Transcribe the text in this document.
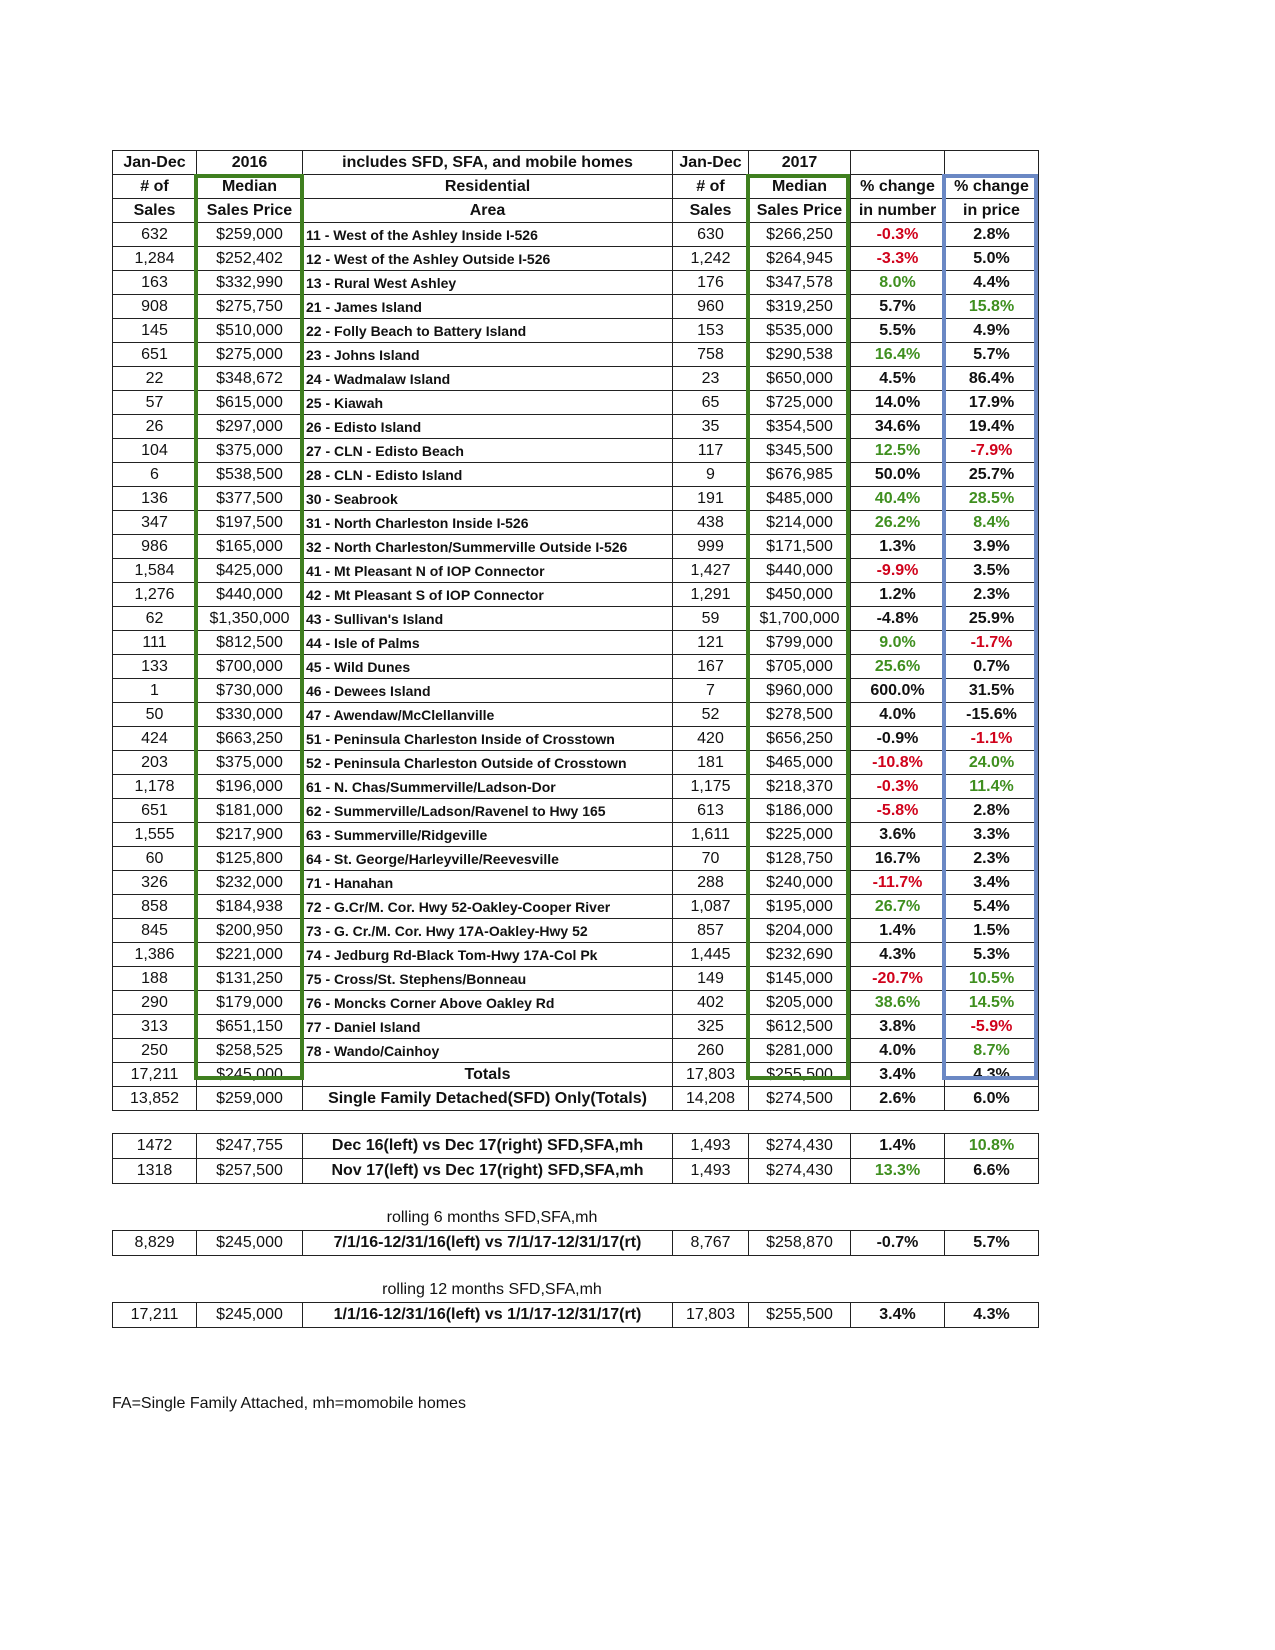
Jan-Dec	2016	includes SFD, SFA, and mobile homes	Jan-Dec	2017			
# of	Median	Residential	# of	Median	% change	% change	
Sales	Sales Price	Area	Sales	Sales Price	in number	in price	
632	$259,000	11 - West of the Ashley Inside I-526	630	$266,250	-0.3%	2.8%	
1,284	$252,402	12 - West of the Ashley Outside I-526	1,242	$264,945	-3.3%	5.0%	
163	$332,990	13 - Rural West Ashley	176	$347,578	8.0%	4.4%	
908	$275,750	21 - James Island	960	$319,250	5.7%	15.8%	
145	$510,000	22 - Folly Beach to Battery Island	153	$535,000	5.5%	4.9%	
651	$275,000	23 - Johns Island	758	$290,538	16.4%	5.7%	
22	$348,672	24 - Wadmalaw Island	23	$650,000	4.5%	86.4%	
57	$615,000	25 - Kiawah	65	$725,000	14.0%	17.9%	
26	$297,000	26 - Edisto Island	35	$354,500	34.6%	19.4%	
104	$375,000	27 - CLN - Edisto Beach	117	$345,500	12.5%	-7.9%	
6	$538,500	28 - CLN - Edisto Island	9	$676,985	50.0%	25.7%	
136	$377,500	30 - Seabrook	191	$485,000	40.4%	28.5%	
347	$197,500	31 - North Charleston Inside I-526	438	$214,000	26.2%	8.4%	
986	$165,000	32 - North Charleston/Summerville Outside I-526	999	$171,500	1.3%	3.9%	
1,584	$425,000	41 - Mt Pleasant N of IOP Connector	1,427	$440,000	-9.9%	3.5%	
1,276	$440,000	42 - Mt Pleasant S of IOP Connector	1,291	$450,000	1.2%	2.3%	
62	$1,350,000	43 - Sullivan's Island	59	$1,700,000	-4.8%	25.9%	
111	$812,500	44 - Isle of Palms	121	$799,000	9.0%	-1.7%	
133	$700,000	45 - Wild Dunes	167	$705,000	25.6%	0.7%	
1	$730,000	46 - Dewees Island	7	$960,000	600.0%	31.5%	
50	$330,000	47 - Awendaw/McClellanville	52	$278,500	4.0%	-15.6%	
424	$663,250	51 - Peninsula Charleston Inside of Crosstown	420	$656,250	-0.9%	-1.1%	
203	$375,000	52 - Peninsula Charleston Outside of Crosstown	181	$465,000	-10.8%	24.0%	
1,178	$196,000	61 - N. Chas/Summerville/Ladson-Dor	1,175	$218,370	-0.3%	11.4%	
651	$181,000	62 - Summerville/Ladson/Ravenel to Hwy 165	613	$186,000	-5.8%	2.8%	
1,555	$217,900	63 - Summerville/Ridgeville	1,611	$225,000	3.6%	3.3%	
60	$125,800	64 - St. George/Harleyville/Reevesville	70	$128,750	16.7%	2.3%	
326	$232,000	71 - Hanahan	288	$240,000	-11.7%	3.4%	
858	$184,938	72 - G.Cr/M. Cor. Hwy 52-Oakley-Cooper River	1,087	$195,000	26.7%	5.4%	
845	$200,950	73 - G. Cr./M. Cor. Hwy 17A-Oakley-Hwy 52	857	$204,000	1.4%	1.5%	
1,386	$221,000	74 - Jedburg Rd-Black Tom-Hwy 17A-Col Pk	1,445	$232,690	4.3%	5.3%	
188	$131,250	75 - Cross/St. Stephens/Bonneau	149	$145,000	-20.7%	10.5%	
290	$179,000	76 - Moncks Corner Above Oakley Rd	402	$205,000	38.6%	14.5%	
313	$651,150	77 - Daniel Island	325	$612,500	3.8%	-5.9%	
250	$258,525	78 - Wando/Cainhoy	260	$281,000	4.0%	8.7%	
17,211	$245,000	Totals	17,803	$255,500	3.4%	4.3%	
13,852	$259,000	Single Family Detached(SFD) Only(Totals)	14,208	$274,500	2.6%	6.0%	
1472	$247,755	Dec 16(left) vs Dec 17(right) SFD,SFA,mh	1,493	$274,430	1.4%	10.8%	
1318	$257,500	Nov 17(left) vs Dec 17(right) SFD,SFA,mh	1,493	$274,430	13.3%	6.6%	
rolling 6 months SFD,SFA,mh
8,829	$245,000	7/1/16-12/31/16(left) vs 7/1/17-12/31/17(rt)	8,767	$258,870	-0.7%	5.7%	
rolling 12 months SFD,SFA,mh
17,211	$245,000	1/1/16-12/31/16(left) vs 1/1/17-12/31/17(rt)	17,803	$255,500	3.4%	4.3%	
FA=Single Family Attached, mh=momobile homes
